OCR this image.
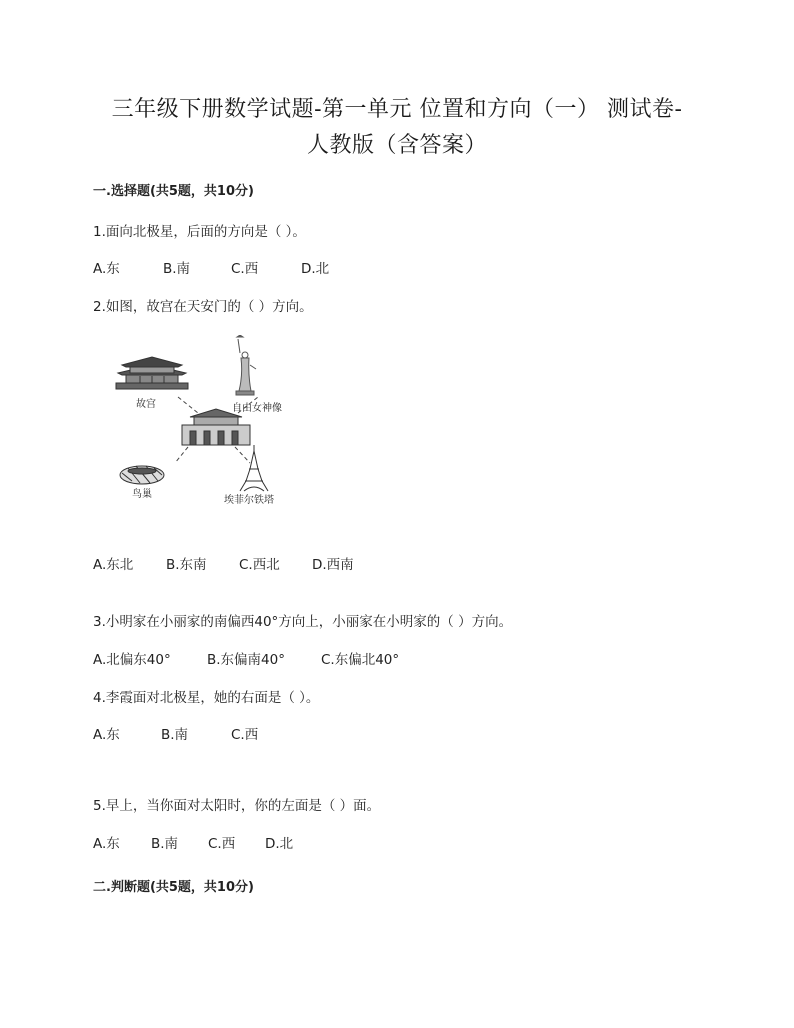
三年级下册数学试题-第一单元 位置和方向（一） 测试卷-
人教版（含答案）
一.选择题(共5题，共10分)
1.面向北极星，后面的方向是（ ）。
A.东	B.南	C.西	D.北
2.如图，故宫在天安门的（ ）方向。
故宫	自由女神像
鸟巢
埃菲尔铁塔
A.东北 B.东南 C.西北 D.西南
3.小明家在小丽家的南偏西40°方向上，小丽家在小明家的（ ）方向。
A.北偏东40°	B.东偏南40°	C.东偏北40°
4.李霞面对北极星，她的右面是（ ）。
A.东	B.南	C.西
5.早上，当你面对太阳时，你的左面是（ ）面。
A.东 B.南 C.西 D.北
二.判断题(共5题，共10分)
